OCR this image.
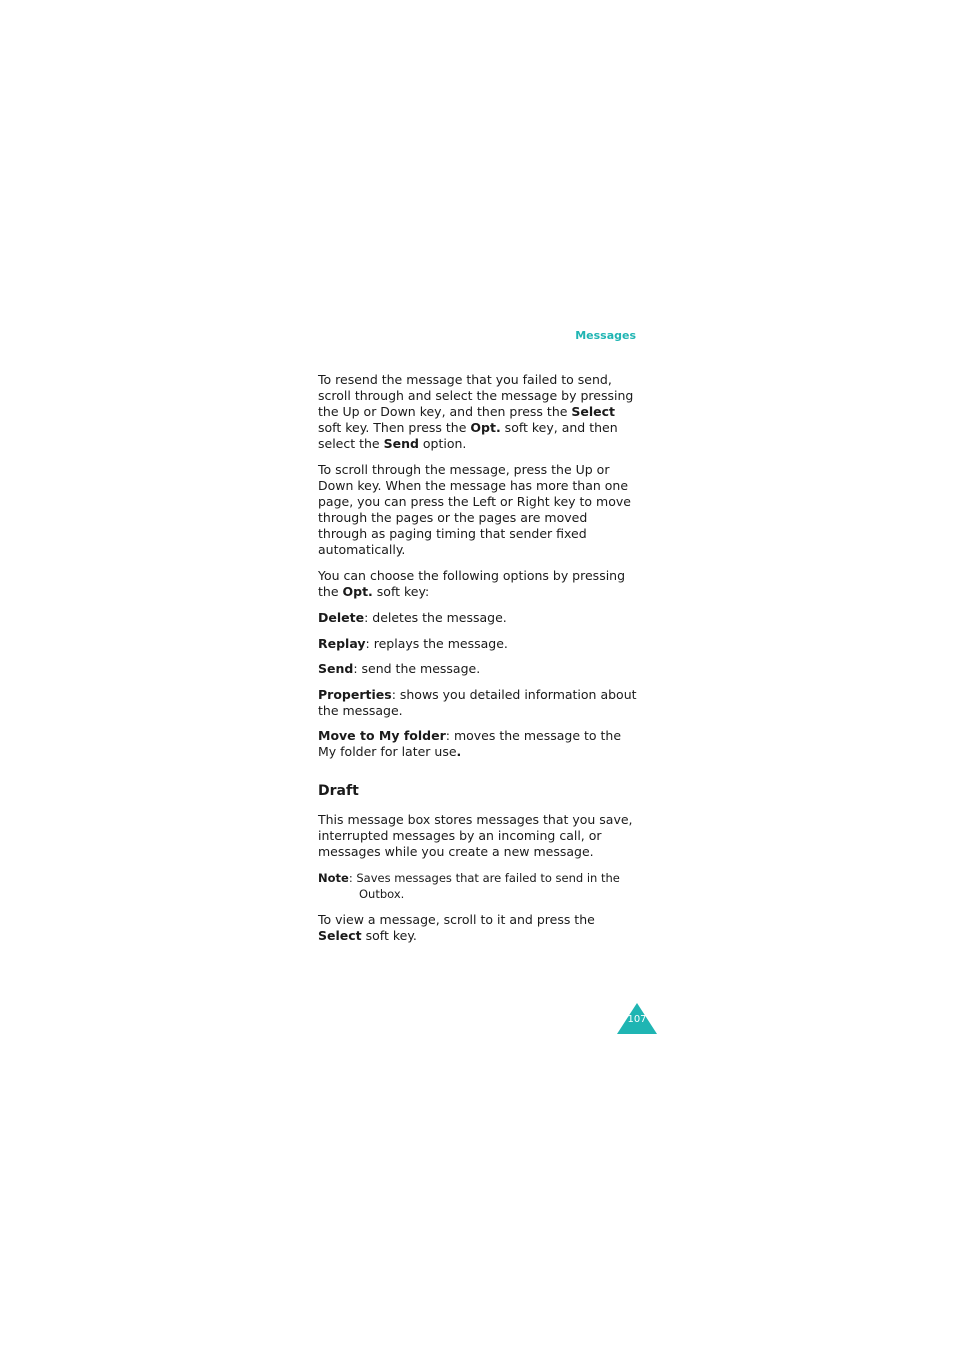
Messages

To resend the message that you failed to send, scroll through and select the message by pressing the Up or Down key, and then press the Select soft key. Then press the Opt. soft key, and then select the Send option.

To scroll through the message, press the Up or Down key. When the message has more than one page, you can press the Left or Right key to move through the pages or the pages are moved through as paging timing that sender fixed automatically.

You can choose the following options by pressing the Opt. soft key:

Delete: deletes the message.

Replay: replays the message.

Send: send the message.

Properties: shows you detailed information about the message.

Move to My folder: moves the message to the My folder for later use.

Draft

This message box stores messages that you save, interrupted messages by an incoming call, or messages while you create a new message.

Note: Saves messages that are failed to send in the Outbox.

To view a message, scroll to it and press the Select soft key.

107
